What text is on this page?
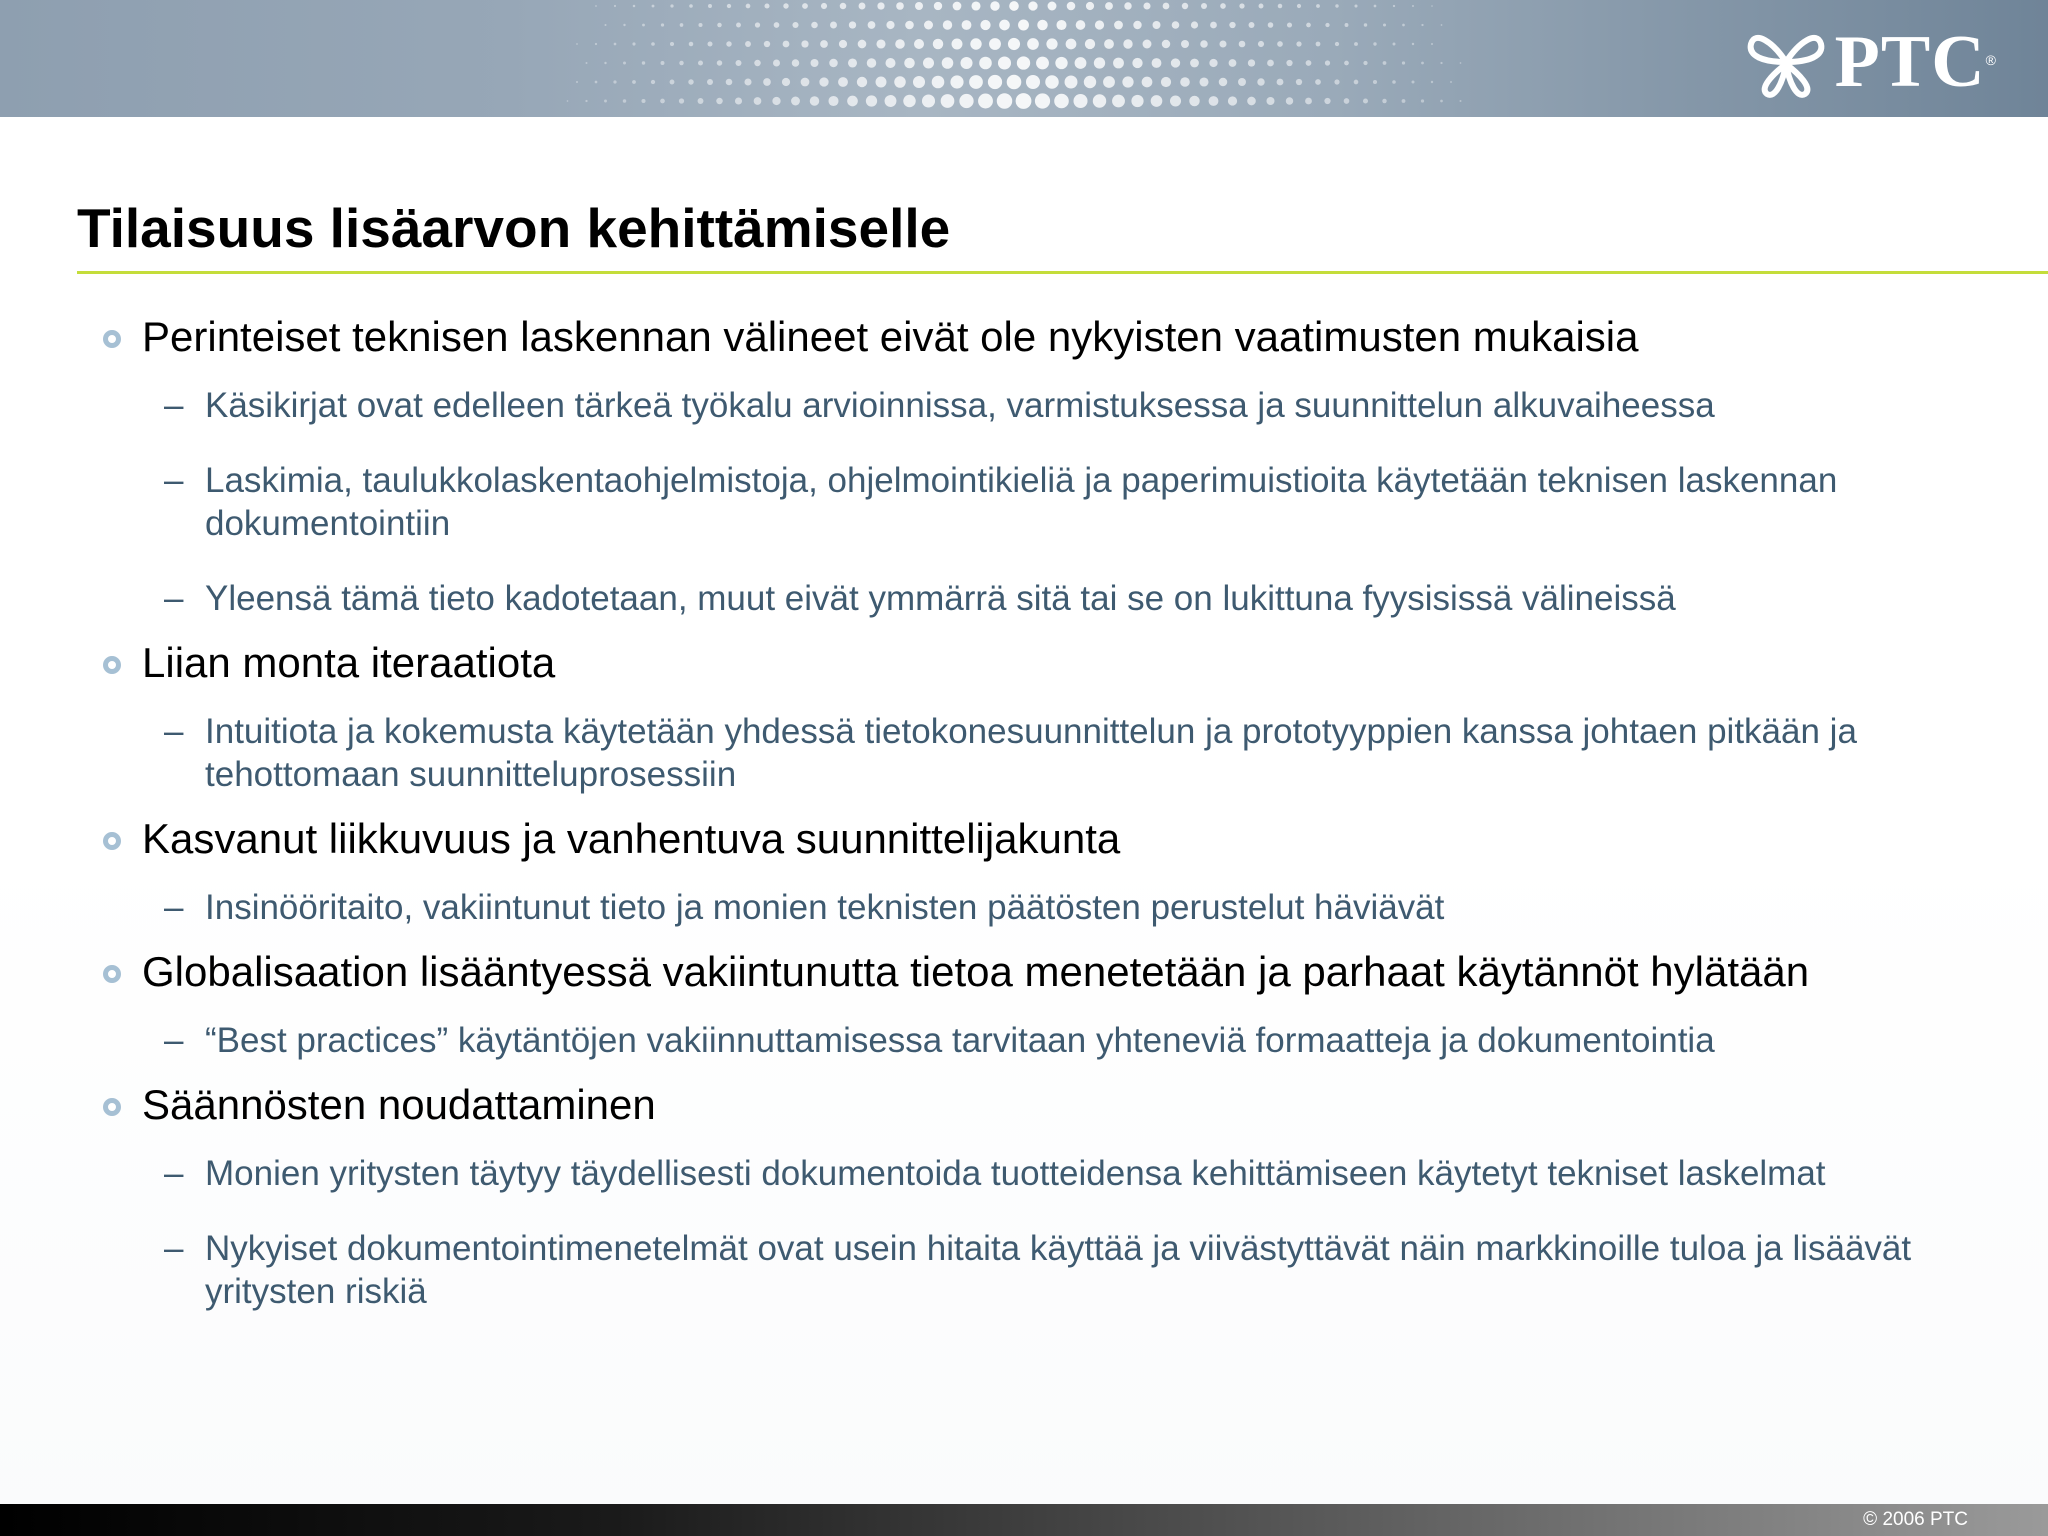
PTC ®
Tilaisuus lisäarvon kehittämiselle
Perinteiset teknisen laskennan välineet eivät ole nykyisten vaatimusten mukaisia
– Käsikirjat ovat edelleen tärkeä työkalu arvioinnissa, varmistuksessa ja suunnittelun alkuvaiheessa
– Laskimia, taulukkolaskentaohjelmistoja, ohjelmointikieliä ja paperimuistioita käytetään teknisen laskennan dokumentointiin
– Yleensä tämä tieto kadotetaan, muut eivät ymmärrä sitä tai se on lukittuna fyysisissä välineissä
Liian monta iteraatiota
– Intuitiota ja kokemusta käytetään yhdessä tietokonesuunnittelun ja prototyyppien kanssa johtaen pitkään ja tehottomaan suunnitteluprosessiin
Kasvanut liikkuvuus ja vanhentuva suunnittelijakunta
– Insinööritaito, vakiintunut tieto ja monien teknisten päätösten perustelut häviävät
Globalisaation lisääntyessä vakiintunutta tietoa menetetään ja parhaat käytännöt hylätään
– “Best practices” käytäntöjen vakiinnuttamisessa tarvitaan yhteneviä formaatteja ja dokumentointia
Säännösten noudattaminen
– Monien yritysten täytyy täydellisesti dokumentoida tuotteidensa kehittämiseen käytetyt tekniset laskelmat
– Nykyiset dokumentointimenetelmät ovat usein hitaita käyttää ja viivästyttävät näin markkinoille tuloa ja lisäävät yritysten riskiä
© 2006 PTC
